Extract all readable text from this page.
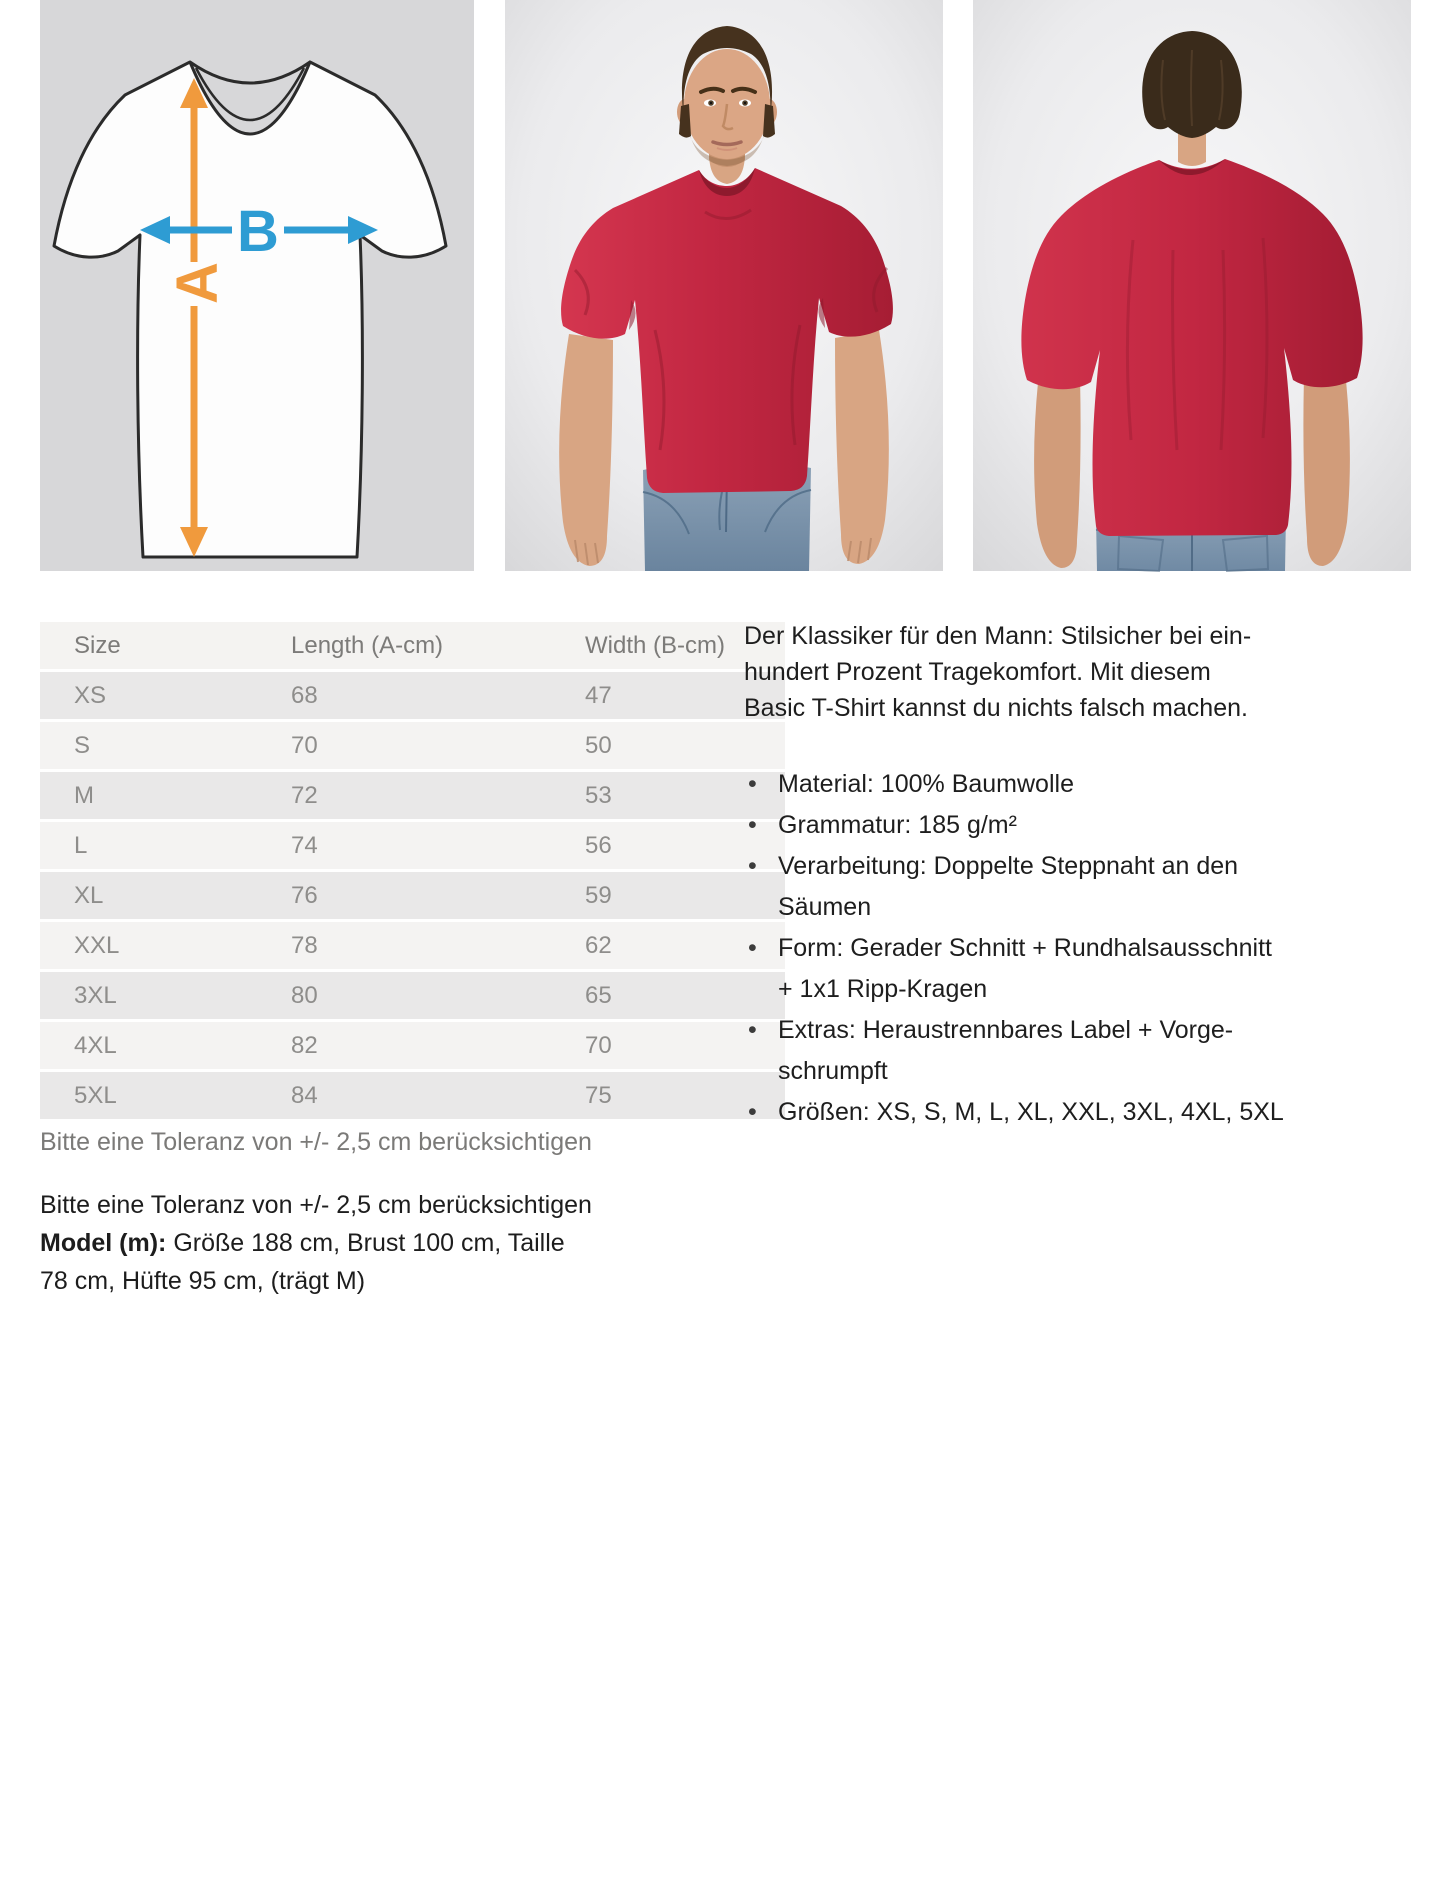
A
B
Size	Length (A-cm)	Width (B-cm)
XS	68	47
S	70	50
M	72	53
L	74	56
XL	76	59
XXL	78	62
3XL	80	65
4XL	82	70
5XL	84	75
Bitte eine Toleranz von +/- 2,5 cm berücksichtigen
Bitte eine Toleranz von +/- 2,5 cm berücksichtigen
Model (m): Größe 188 cm, Brust 100 cm, Taille
78 cm, Hüfte 95 cm, (trägt M)
Der Klassiker für den Mann: Stilsicher bei ein-
hundert Prozent Tragekomfort. Mit diesem
Basic T-Shirt kannst du nichts falsch machen.
• Material: 100% Baumwolle
• Grammatur: 185 g/m²
• Verarbeitung: Doppelte Steppnaht an den
Säumen
• Form: Gerader Schnitt + Rundhalsausschnitt
+ 1x1 Ripp-Kragen
• Extras: Heraustrennbares Label + Vorge-
schrumpft
• Größen: XS, S, M, L, XL, XXL, 3XL, 4XL, 5XL
